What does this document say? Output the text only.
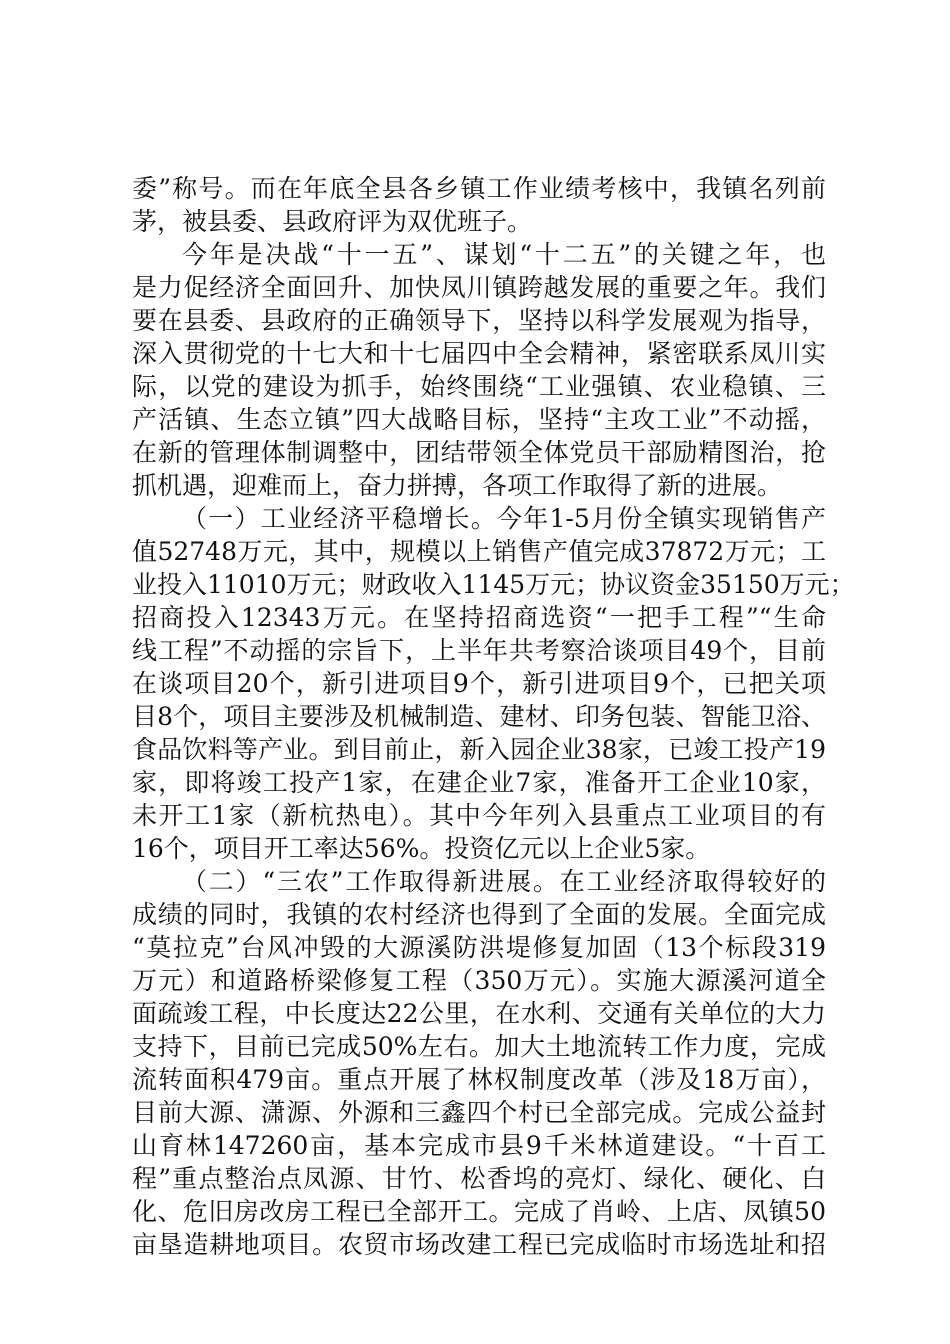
委”称号。而在年底全县各乡镇工作业绩考核中，我镇名列前
茅，被县委、县政府评为双优班子。
今年是决战“十一五”、谋划“十二五”的关键之年，也
是力促经济全面回升、加快凤川镇跨越发展的重要之年。我们
要在县委、县政府的正确领导下，坚持以科学发展观为指导，
深入贯彻党的十七大和十七届四中全会精神，紧密联系凤川实
际，以党的建设为抓手，始终围绕“工业强镇、农业稳镇、三
产活镇、生态立镇”四大战略目标，坚持“主攻工业”不动摇，
在新的管理体制调整中，团结带领全体党员干部励精图治，抢
抓机遇，迎难而上，奋力拼搏，各项工作取得了新的进展。
（一）工业经济平稳增长。今年1-5月份全镇实现销售产
值52748万元，其中，规模以上销售产值完成37872万元；工
业投入11010万元；财政收入1145万元；协议资金35150万元；
招商投入12343万元。在坚持招商选资“一把手工程”“生命
线工程”不动摇的宗旨下，上半年共考察洽谈项目49个，目前
在谈项目20个，新引进项目9个，新引进项目9个，已把关项
目8个，项目主要涉及机械制造、建材、印务包装、智能卫浴、
食品饮料等产业。到目前止，新入园企业38家，已竣工投产19
家，即将竣工投产1家，在建企业7家，准备开工企业10家，
未开工1家（新杭热电）。其中今年列入县重点工业项目的有
16个，项目开工率达56%。投资亿元以上企业5家。
（二）“三农”工作取得新进展。在工业经济取得较好的
成绩的同时，我镇的农村经济也得到了全面的发展。全面完成
“莫拉克”台风冲毁的大源溪防洪堤修复加固（13个标段319
万元）和道路桥梁修复工程（350万元）。实施大源溪河道全
面疏竣工程，中长度达22公里，在水利、交通有关单位的大力
支持下，目前已完成50%左右。加大土地流转工作力度，完成
流转面积479亩。重点开展了林权制度改革（涉及18万亩），
目前大源、潇源、外源和三鑫四个村已全部完成。完成公益封
山育林147260亩，基本完成市县9千米林道建设。“十百工
程”重点整治点凤源、甘竹、松香坞的亮灯、绿化、硬化、白
化、危旧房改房工程已全部开工。完成了肖岭、上店、凤镇50
亩垦造耕地项目。农贸市场改建工程已完成临时市场选址和招
